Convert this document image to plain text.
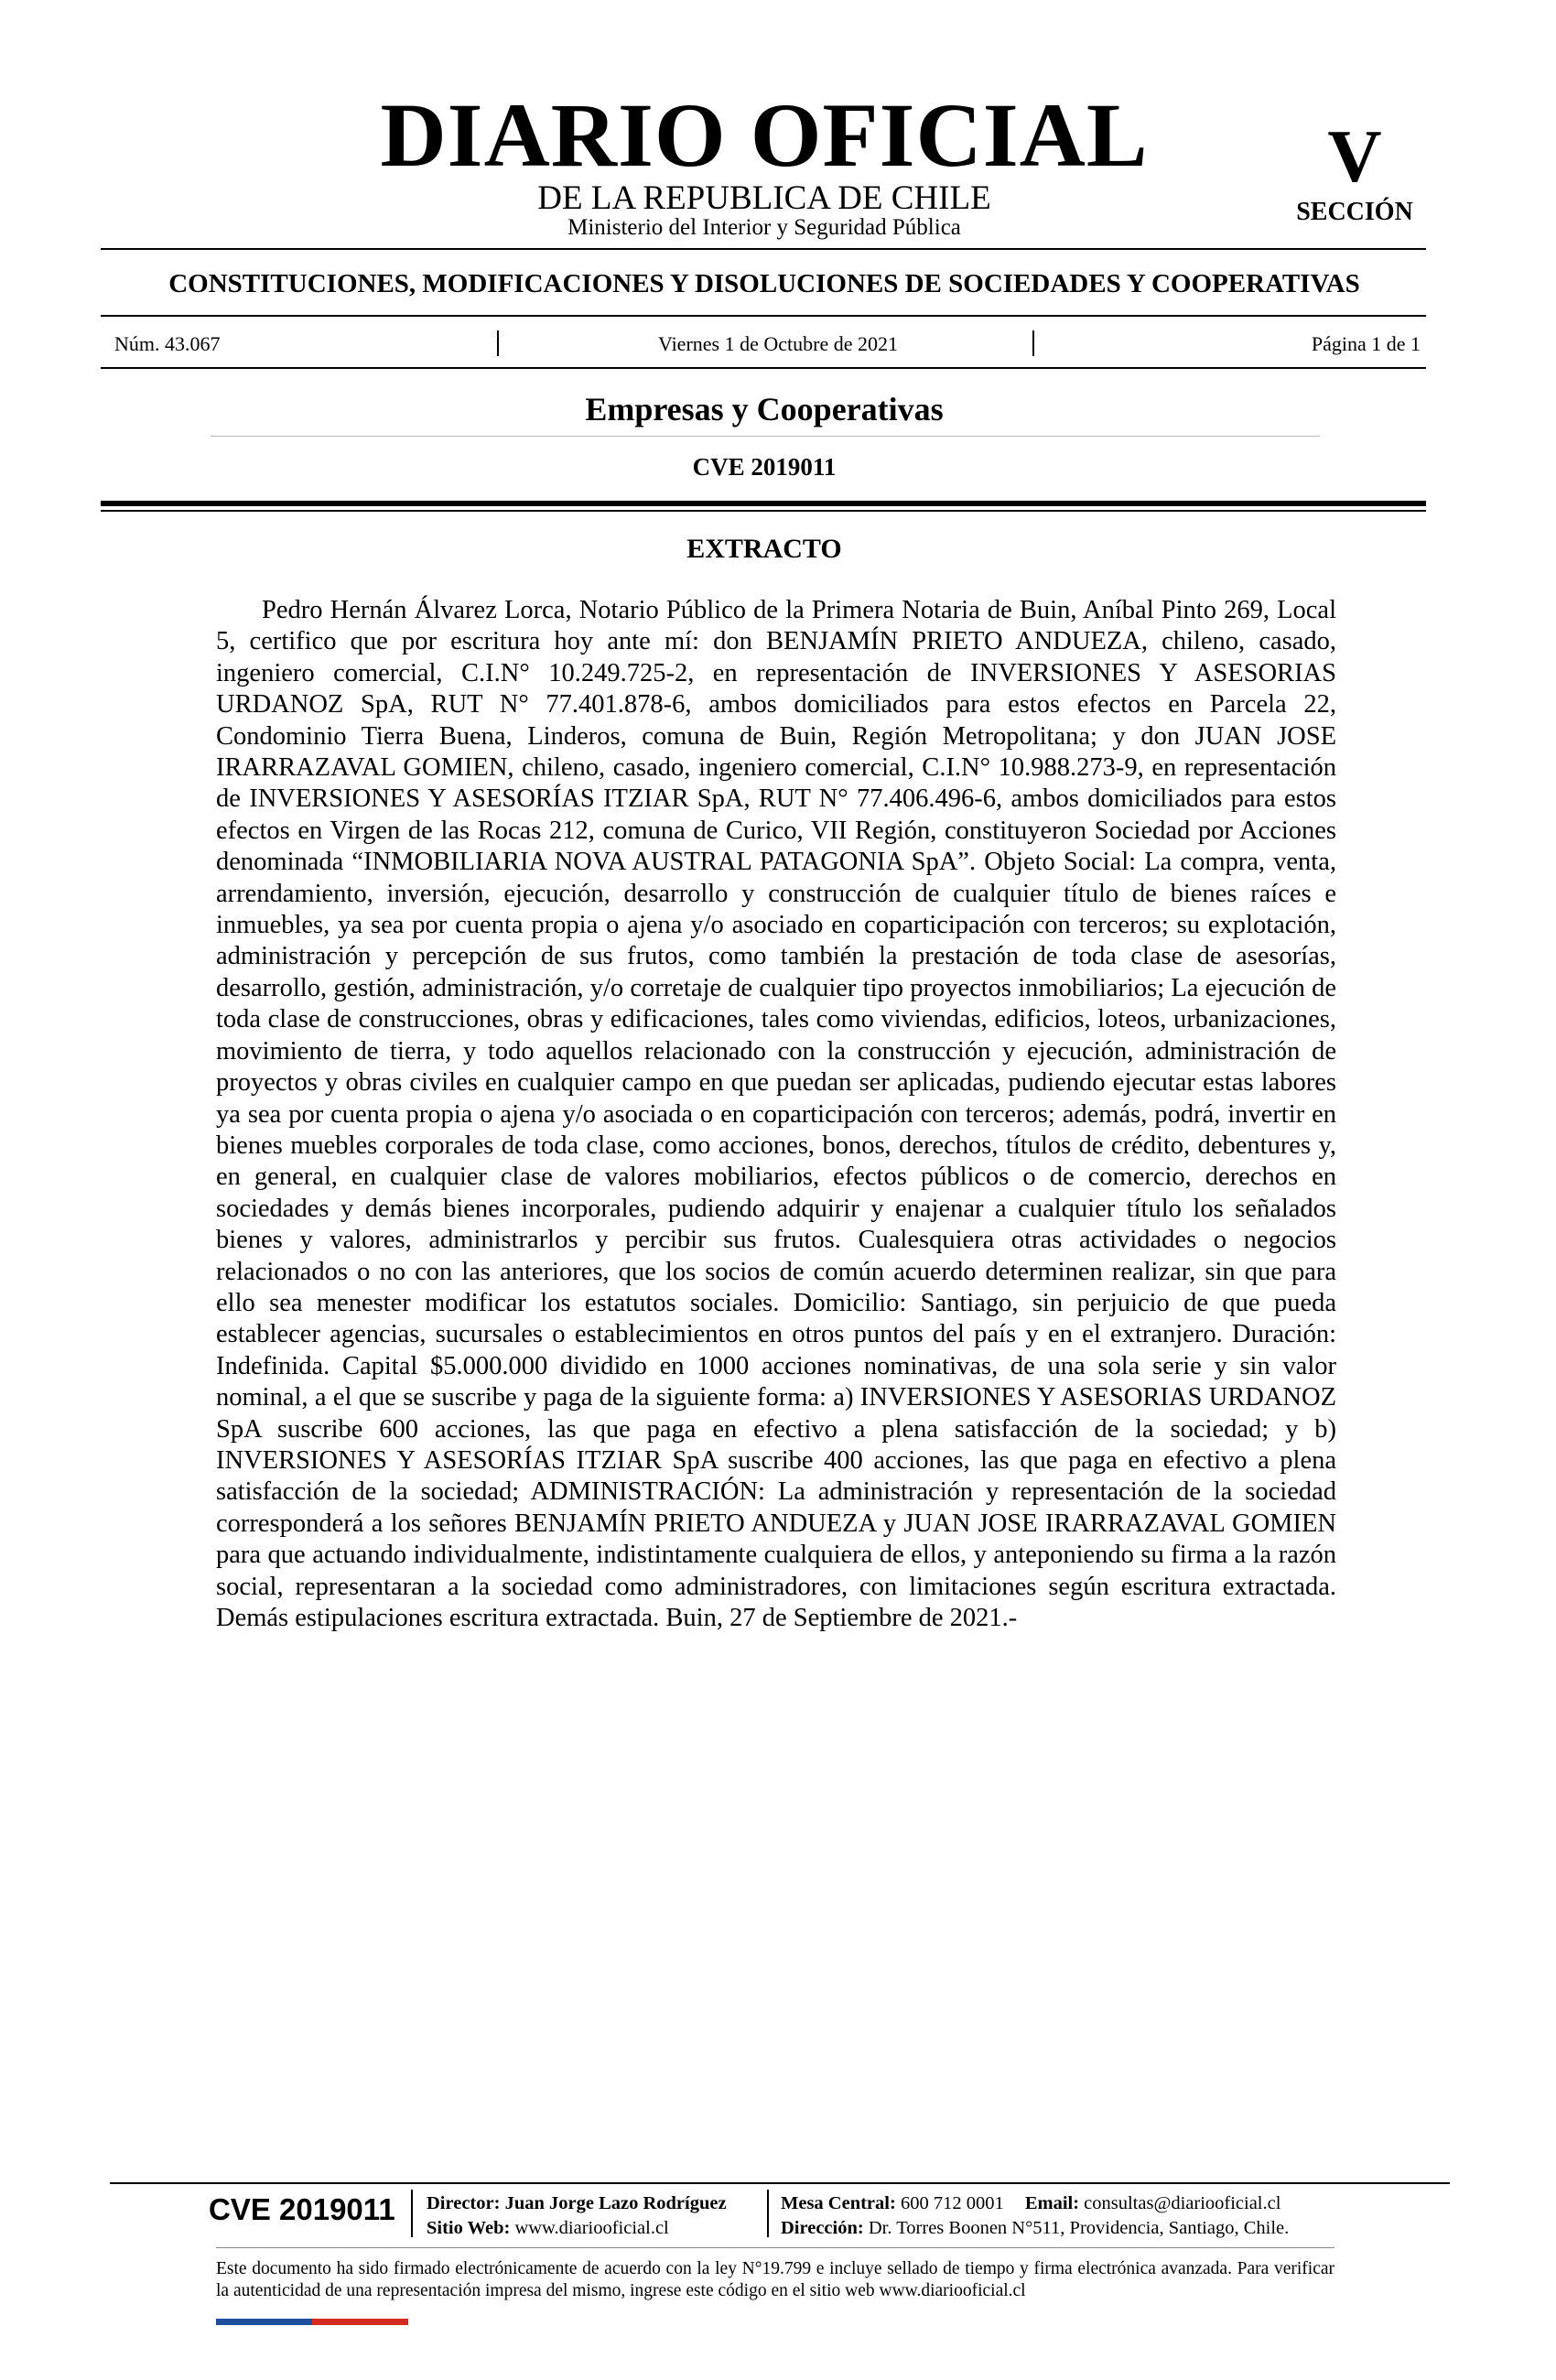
DIARIO OFICIAL
DE LA REPUBLICA DE CHILE
Ministerio del Interior y Seguridad Pública
V
SECCIÓN
CONSTITUCIONES, MODIFICACIONES Y DISOLUCIONES DE SOCIEDADES Y COOPERATIVAS
Núm. 43.067	Viernes 1 de Octubre de 2021	Página 1 de 1
Empresas y Cooperativas
CVE 2019011
EXTRACTO

Pedro Hernán Álvarez Lorca, Notario Público de la Primera Notaria de Buin, Aníbal Pinto 269, Local 5, certifico que por escritura hoy ante mí: don BENJAMÍN PRIETO ANDUEZA, chileno, casado, ingeniero comercial, C.I.N° 10.249.725-2, en representación de INVERSIONES Y ASESORIAS URDANOZ SpA, RUT N° 77.401.878-6, ambos domiciliados para estos efectos en Parcela 22, Condominio Tierra Buena, Linderos, comuna de Buin, Región Metropolitana; y don JUAN JOSE IRARRAZAVAL GOMIEN, chileno, casado, ingeniero comercial, C.I.N° 10.988.273-9, en representación de INVERSIONES Y ASESORÍAS ITZIAR SpA, RUT N° 77.406.496-6, ambos domiciliados para estos efectos en Virgen de las Rocas 212, comuna de Curico, VII Región, constituyeron Sociedad por Acciones denominada “INMOBILIARIA NOVA AUSTRAL PATAGONIA SpA”. Objeto Social: La compra, venta, arrendamiento, inversión, ejecución, desarrollo y construcción de cualquier título de bienes raíces e inmuebles, ya sea por cuenta propia o ajena y/o asociado en coparticipación con terceros; su explotación, administración y percepción de sus frutos, como también la prestación de toda clase de asesorías, desarrollo, gestión, administración, y/o corretaje de cualquier tipo proyectos inmobiliarios; La ejecución de toda clase de construcciones, obras y edificaciones, tales como viviendas, edificios, loteos, urbanizaciones, movimiento de tierra, y todo aquellos relacionado con la construcción y ejecución, administración de proyectos y obras civiles en cualquier campo en que puedan ser aplicadas, pudiendo ejecutar estas labores ya sea por cuenta propia o ajena y/o asociada o en coparticipación con terceros; además, podrá, invertir en bienes muebles corporales de toda clase, como acciones, bonos, derechos, títulos de crédito, debentures y, en general, en cualquier clase de valores mobiliarios, efectos públicos o de comercio, derechos en sociedades y demás bienes incorporales, pudiendo adquirir y enajenar a cualquier título los señalados bienes y valores, administrarlos y percibir sus frutos. Cualesquiera otras actividades o negocios relacionados o no con las anteriores, que los socios de común acuerdo determinen realizar, sin que para ello sea menester modificar los estatutos sociales. Domicilio: Santiago, sin perjuicio de que pueda establecer agencias, sucursales o establecimientos en otros puntos del país y en el extranjero. Duración: Indefinida. Capital $5.000.000 dividido en 1000 acciones nominativas, de una sola serie y sin valor nominal, a el que se suscribe y paga de la siguiente forma: a) INVERSIONES Y ASESORIAS URDANOZ SpA suscribe 600 acciones, las que paga en efectivo a plena satisfacción de la sociedad; y b) INVERSIONES Y ASESORÍAS ITZIAR SpA suscribe 400 acciones, las que paga en efectivo a plena satisfacción de la sociedad; ADMINISTRACIÓN: La administración y representación de la sociedad corresponderá a los señores BENJAMÍN PRIETO ANDUEZA y JUAN JOSE IRARRAZAVAL GOMIEN para que actuando individualmente, indistintamente cualquiera de ellos, y anteponiendo su firma a la razón social, representaran a la sociedad como administradores, con limitaciones según escritura extractada. Demás estipulaciones escritura extractada. Buin, 27 de Septiembre de 2021.-

CVE 2019011 Director: Juan Jorge Lazo Rodríguez
Sitio Web: www.diariooficial.cl
Mesa Central: 600 712 0001 Email: consultas@diariooficial.cl
Dirección: Dr. Torres Boonen N°511, Providencia, Santiago, Chile.

Este documento ha sido firmado electrónicamente de acuerdo con la ley N°19.799 e incluye sellado de tiempo y firma electrónica avanzada. Para verificar la autenticidad de una representación impresa del mismo, ingrese este código en el sitio web www.diariooficial.cl
